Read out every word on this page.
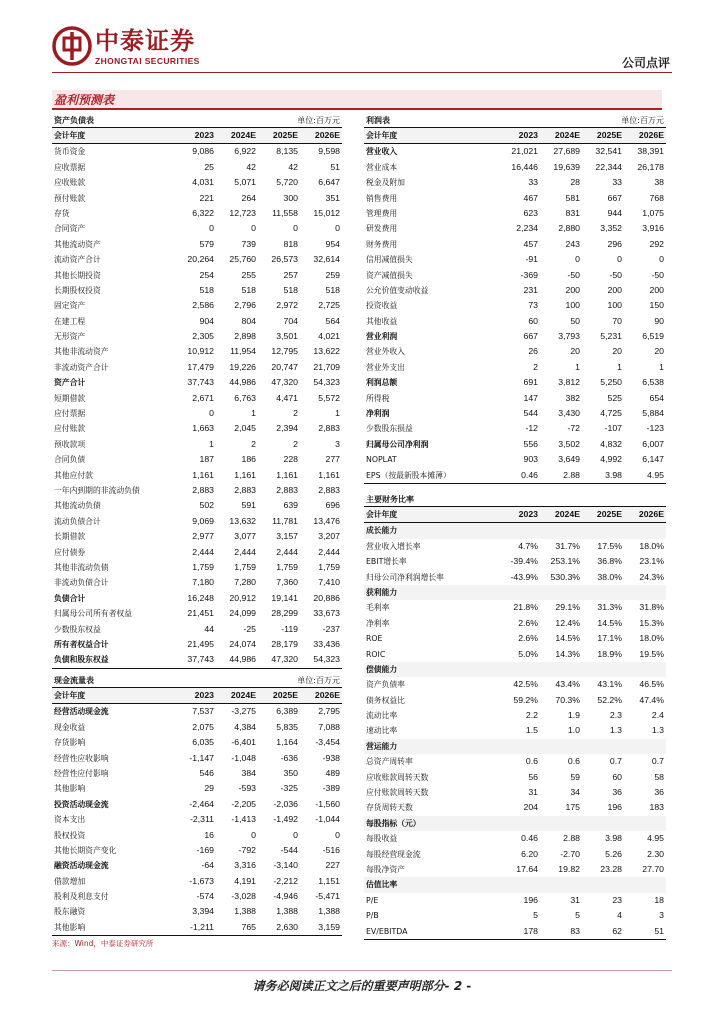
中泰证券
ZHONGTAI SECURITIES	公司点评
盈利预测表
资产负债表	单位:百万元
会计年度	2023	2024E	2025E	2026E
货币资金	9,086	6,922	8,135	9,598
应收票据	25	42	42	51
应收账款	4,031	5,071	5,720	6,647
预付账款	221	264	300	351
存货	6,322	12,723	11,558	15,012
合同资产	0	0	0	0
其他流动资产	579	739	818	954
流动资产合计	20,264	25,760	26,573	32,614
其他长期投资	254	255	257	259
长期股权投资	518	518	518	518
固定资产	2,586	2,796	2,972	2,725
在建工程	904	804	704	564
无形资产	2,305	2,898	3,501	4,021
其他非流动资产	10,912	11,954	12,795	13,622
非流动资产合计	17,479	19,226	20,747	21,709
资产合计	37,743	44,986	47,320	54,323
短期借款	2,671	6,763	4,471	5,572
应付票据	0	1	2	1
应付账款	1,663	2,045	2,394	2,883
预收款项	1	2	2	3
合同负债	187	186	228	277
其他应付款	1,161	1,161	1,161	1,161
一年内到期的非流动负债	2,883	2,883	2,883	2,883
其他流动负债	502	591	639	696
流动负债合计	9,069	13,632	11,781	13,476
长期借款	2,977	3,077	3,157	3,207
应付债券	2,444	2,444	2,444	2,444
其他非流动负债	1,759	1,759	1,759	1,759
非流动负债合计	7,180	7,280	7,360	7,410
负债合计	16,248	20,912	19,141	20,886
归属母公司所有者权益	21,451	24,099	28,299	33,673
少数股东权益	44	-25	-119	-237
所有者权益合计	21,495	24,074	28,179	33,436
负债和股东权益	37,743	44,986	47,320	54,323
现金流量表	单位:百万元
会计年度	2023	2024E	2025E	2026E
经营活动现金流	7,537	-3,275	6,389	2,795
现金收益	2,075	4,384	5,835	7,088
存货影响	6,035	-6,401	1,164	-3,454
经营性应收影响	-1,147	-1,048	-636	-938
经营性应付影响	546	384	350	489
其他影响	29	-593	-325	-389
投资活动现金流	-2,464	-2,205	-2,036	-1,560
资本支出	-2,311	-1,413	-1,492	-1,044
股权投资	16	0	0	0
其他长期资产变化	-169	-792	-544	-516
融资活动现金流	-64	3,316	-3,140	227
借款增加	-1,673	4,191	-2,212	1,151
股利及利息支付	-574	-3,028	-4,946	-5,471
股东融资	3,394	1,388	1,388	1,388
其他影响	-1,211	765	2,630	3,159
利润表	单位:百万元
会计年度	2023	2024E	2025E	2026E
营业收入	21,021	27,689	32,541	38,391
营业成本	16,446	19,639	22,344	26,178
税金及附加	33	28	33	38
销售费用	467	581	667	768
管理费用	623	831	944	1,075
研发费用	2,234	2,880	3,352	3,916
财务费用	457	243	296	292
信用减值损失	-91	0	0	0
资产减值损失	-369	-50	-50	-50
公允价值变动收益	231	200	200	200
投资收益	73	100	100	150
其他收益	60	50	70	90
营业利润	667	3,793	5,231	6,519
营业外收入	26	20	20	20
营业外支出	2	1	1	1
利润总额	691	3,812	5,250	6,538
所得税	147	382	525	654
净利润	544	3,430	4,725	5,884
少数股东损益	-12	-72	-107	-123
归属母公司净利润	556	3,502	4,832	6,007
NOPLAT	903	3,649	4,992	6,147
EPS（按最新股本摊薄）	0.46	2.88	3.98	4.95
主要财务比率
会计年度	2023	2024E	2025E	2026E
成长能力
营业收入增长率	4.7%	31.7%	17.5%	18.0%
EBIT增长率	-39.4%	253.1%	36.8%	23.1%
归母公司净利润增长率	-43.9%	530.3%	38.0%	24.3%
获利能力
毛利率	21.8%	29.1%	31.3%	31.8%
净利率	2.6%	12.4%	14.5%	15.3%
ROE	2.6%	14.5%	17.1%	18.0%
ROIC	5.0%	14.3%	18.9%	19.5%
偿债能力
资产负债率	42.5%	43.4%	43.1%	46.5%
债务权益比	59.2%	70.3%	52.2%	47.4%
流动比率	2.2	1.9	2.3	2.4
速动比率	1.5	1.0	1.3	1.3
营运能力
总资产周转率	0.6	0.6	0.7	0.7
应收账款周转天数	56	59	60	58
应付账款周转天数	31	34	36	36
存货周转天数	204	175	196	183
每股指标（元）
每股收益	0.46	2.88	3.98	4.95
每股经营现金流	6.20	-2.70	5.26	2.30
每股净资产	17.64	19.82	23.28	27.70
估值比率
P/E	196	31	23	18
P/B	5	5	4	3
EV/EBITDA	178	83	62	51
来源：Wind，中泰证券研究所
请务必阅读正文之后的重要声明部分- 2 -
